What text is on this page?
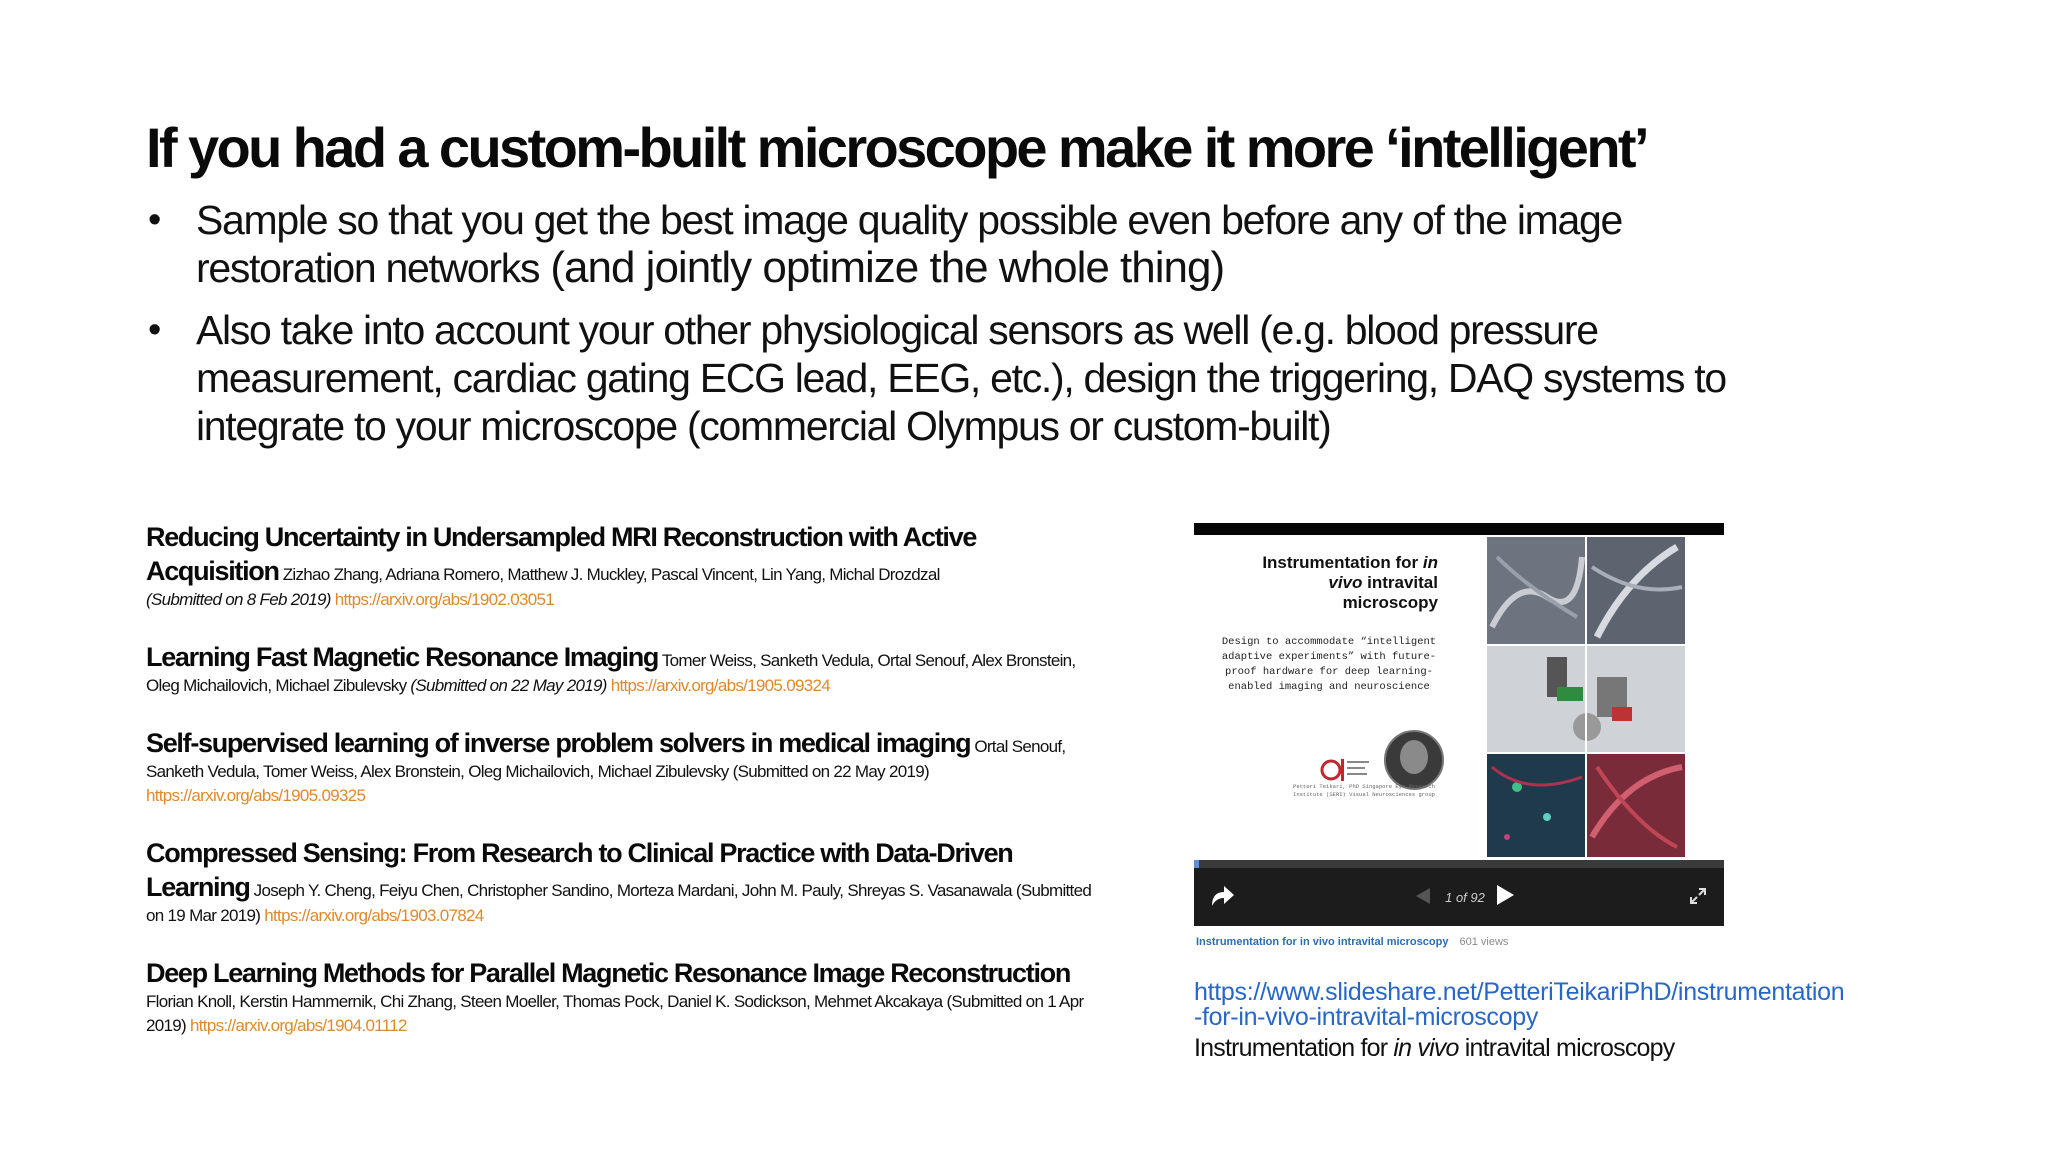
If you had a custom-built microscope make it more ‘intelligent’
• Sample so that you get the best image quality possible even before any of the image restoration networks (and jointly optimize the whole thing)
• Also take into account your other physiological sensors as well (e.g. blood pressure measurement, cardiac gating ECG lead, EEG, etc.), design the triggering, DAQ systems to integrate to your microscope (commercial Olympus or custom-built)
Reducing Uncertainty in Undersampled MRI Reconstruction with Active Acquisition Zizhao Zhang, Adriana Romero, Matthew J. Muckley, Pascal Vincent, Lin Yang, Michal Drozdzal
(Submitted on 8 Feb 2019) https://arxiv.org/abs/1902.03051
Learning Fast Magnetic Resonance Imaging Tomer Weiss, Sanketh Vedula, Ortal Senouf, Alex Bronstein, Oleg Michailovich, Michael Zibulevsky (Submitted on 22 May 2019) https://arxiv.org/abs/1905.09324
Self-supervised learning of inverse problem solvers in medical imaging Ortal Senouf, Sanketh Vedula, Tomer Weiss, Alex Bronstein, Oleg Michailovich, Michael Zibulevsky (Submitted on 22 May 2019) https://arxiv.org/abs/1905.09325
Compressed Sensing: From Research to Clinical Practice with Data-Driven Learning Joseph Y. Cheng, Feiyu Chen, Christopher Sandino, Morteza Mardani, John M. Pauly, Shreyas S. Vasanawala (Submitted on 19 Mar 2019) https://arxiv.org/abs/1903.07824
Deep Learning Methods for Parallel Magnetic Resonance Image Reconstruction Florian Knoll, Kerstin Hammernik, Chi Zhang, Steen Moeller, Thomas Pock, Daniel K. Sodickson, Mehmet Akcakaya (Submitted on 1 Apr 2019) https://arxiv.org/abs/1904.01112
Instrumentation for in vivo intravital microscopy
Design to accommodate “intelligent adaptive experiments” with future-proof hardware for deep learning-enabled imaging and neuroscience
Petteri Teikari, PhD Singapore Eye Research Institute (SERI) Visual Neurosciences group
1 of 92
Instrumentation for in vivo intravital microscopy 601 views
https://www.slideshare.net/PetteriTeikariPhD/instrumentation
-for-in-vivo-intravital-microscopy
Instrumentation for in vivo intravital microscopy
